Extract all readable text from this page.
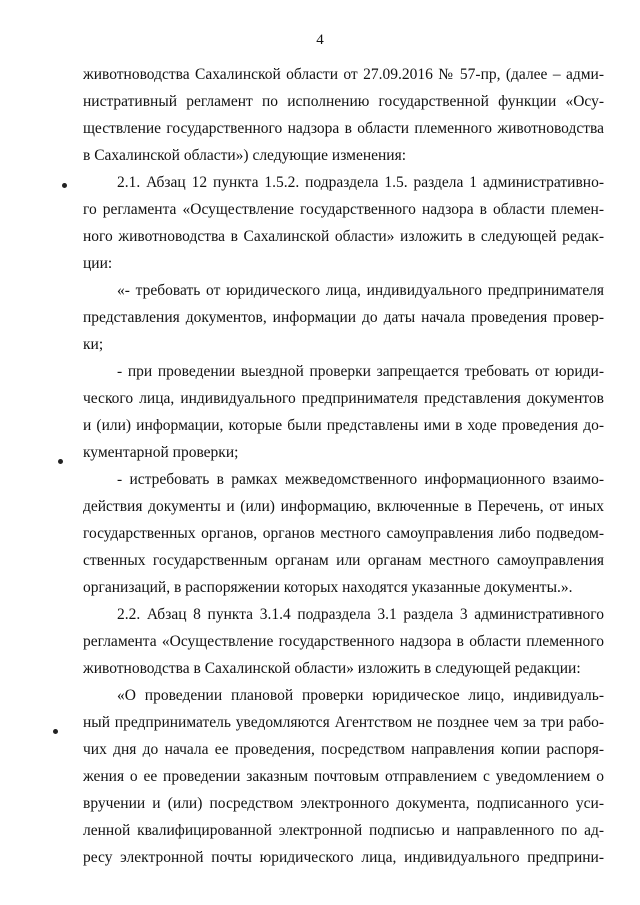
4
животноводства Сахалинской области от 27.09.2016 № 57-пр, (далее – адми-
нистративный регламент по исполнению государственной функции «Осу-
ществление государственного надзора в области племенного животноводства
в Сахалинской области») следующие изменения:
2.1. Абзац 12 пункта 1.5.2. подраздела 1.5. раздела 1 административно-
го регламента «Осуществление государственного надзора в области племен-
ного животноводства в Сахалинской области» изложить в следующей редак-
ции:
«- требовать от юридического лица, индивидуального предпринимателя
представления документов, информации до даты начала проведения провер-
ки;
- при проведении выездной проверки запрещается требовать от юриди-
ческого лица, индивидуального предпринимателя представления документов
и (или) информации, которые были представлены ими в ходе проведения до-
кументарной проверки;
- истребовать в рамках межведомственного информационного взаимо-
действия документы и (или) информацию, включенные в Перечень, от иных
государственных органов, органов местного самоуправления либо подведом-
ственных государственным органам или органам местного самоуправления
организаций, в распоряжении которых находятся указанные документы.».
2.2. Абзац 8 пункта 3.1.4 подраздела 3.1 раздела 3 административного
регламента «Осуществление государственного надзора в области племенного
животноводства в Сахалинской области» изложить в следующей редакции:
«О проведении плановой проверки юридическое лицо, индивидуаль-
ный предприниматель уведомляются Агентством не позднее чем за три рабо-
чих дня до начала ее проведения, посредством направления копии распоря-
жения о ее проведении заказным почтовым отправлением с уведомлением о
вручении и (или) посредством электронного документа, подписанного уси-
ленной квалифицированной электронной подписью и направленного по ад-
ресу электронной почты юридического лица, индивидуального предприни-
